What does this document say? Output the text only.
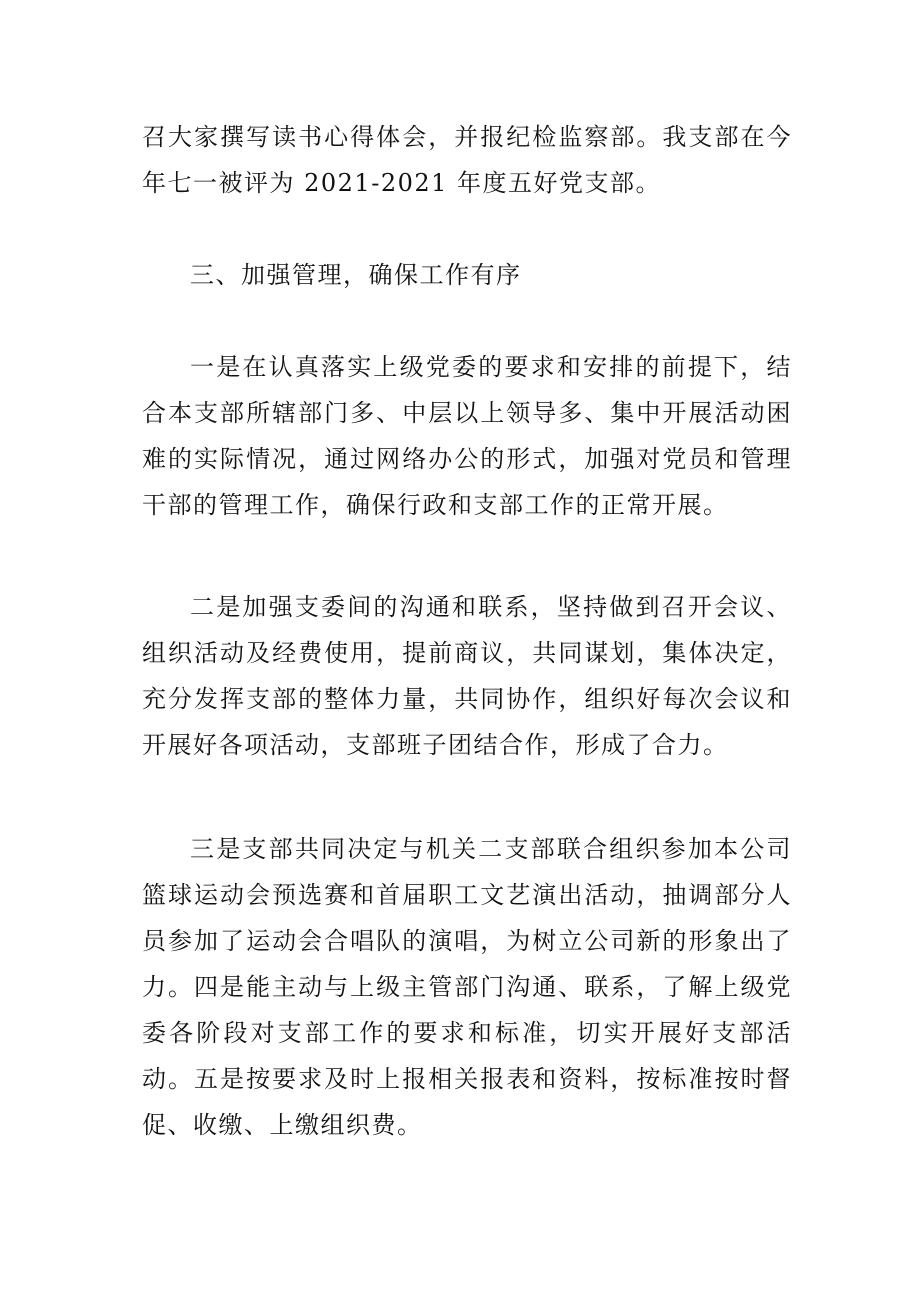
召大家撰写读书心得体会，并报纪检监察部。我支部在今年七一被评为 2021-2021 年度五好党支部。

三、加强管理，确保工作有序

一是在认真落实上级党委的要求和安排的前提下，结合本支部所辖部门多、中层以上领导多、集中开展活动困难的实际情况，通过网络办公的形式，加强对党员和管理干部的管理工作，确保行政和支部工作的正常开展。

二是加强支委间的沟通和联系，坚持做到召开会议、组织活动及经费使用，提前商议，共同谋划，集体决定，充分发挥支部的整体力量，共同协作，组织好每次会议和开展好各项活动，支部班子团结合作，形成了合力。

三是支部共同决定与机关二支部联合组织参加本公司篮球运动会预选赛和首届职工文艺演出活动，抽调部分人员参加了运动会合唱队的演唱，为树立公司新的形象出了力。四是能主动与上级主管部门沟通、联系，了解上级党委各阶段对支部工作的要求和标准，切实开展好支部活动。五是按要求及时上报相关报表和资料，按标准按时督促、收缴、上缴组织费。
